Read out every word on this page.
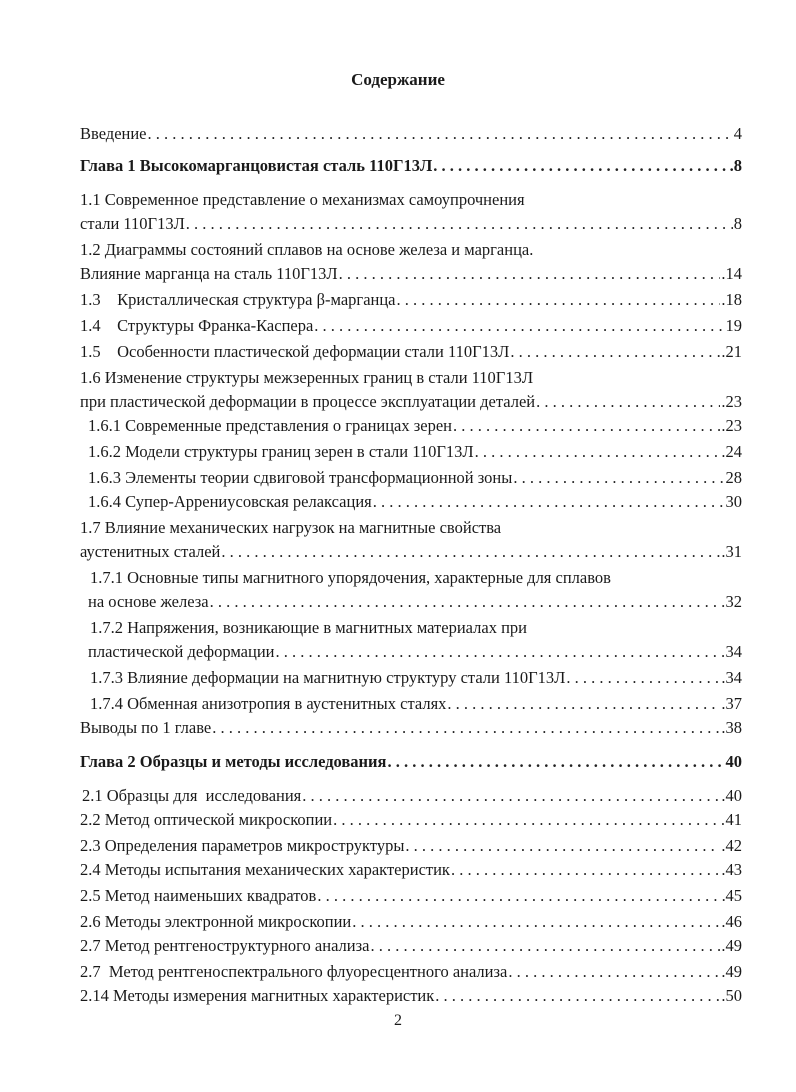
Содержание
Введение . . .	4
Глава 1 Высокомарганцовистая сталь 110Г13Л . . .	.8
1.1 Современное представление о механизмах самоупрочнения
стали 110Г13Л . . .	8
1.2 Диаграммы состояний сплавов на основе железа и марганца.
Влияние марганца на сталь 110Г13Л . . .	.14
1.3    Кристаллическая структура β-марганца . . .	.18
1.4    Структуры Франка-Каспера . . .	19
1.5    Особенности пластической деформации стали 110Г13Л . . .	.21
1.6 Изменение структуры межзеренных границ в стали 110Г13Л
при пластической деформации в процессе эксплуатации деталей . . .	.23
1.6.1 Современные представления о границах зерен . . .	.23
1.6.2 Модели структуры границ зерен в стали 110Г13Л . . .	.24
1.6.3 Элементы теории сдвиговой трансформационной зоны . . .	28
1.6.4 Супер-Аррениусовская релаксация . . .	30
1.7 Влияние механических нагрузок на магнитные свойства
аустенитных сталей . . .	.31
1.7.1 Основные типы магнитного упорядочения, характерные для сплавов
на основе железа . . .	32
1.7.2 Напряжения, возникающие в магнитных материалах при
пластической деформации . . .	34
1.7.3 Влияние деформации на магнитную структуру стали 110Г13Л . . .	.34
1.7.4 Обменная анизотропия в аустенитных сталях . . .	.37
Выводы по 1 главе . . .	.38
Глава 2 Образцы и методы исследования . . .	40
2.1 Образцы для  исследования . . .	.40
2.2 Метод оптической микроскопии . . .	41
2.3 Определения параметров микроструктуры . . .	.42
2.4 Методы испытания механических характеристик . . .	.43
2.5 Метод наименьших квадратов . . .	45
2.6 Методы электронной микроскопии . . .	.46
2.7 Метод рентгеноструктурного анализа . . .	.49
2.7  Метод рентгеноспектрального флуоресцентного анализа . . .	.49
2.14 Методы измерения магнитных характеристик . . .	.50
2
